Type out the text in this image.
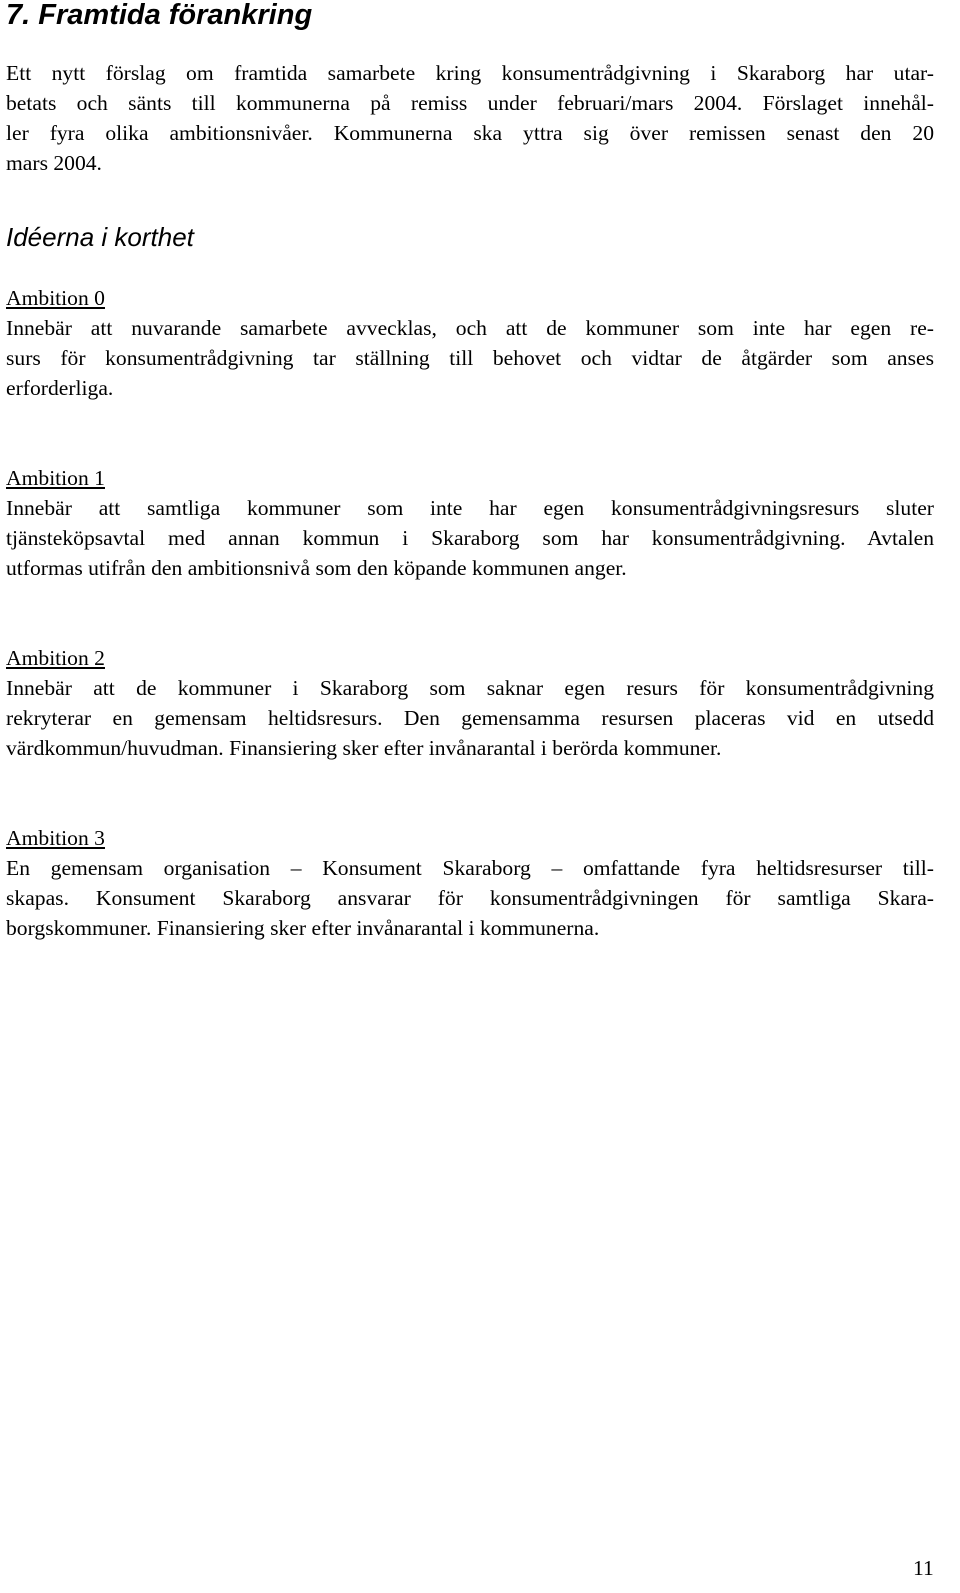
7. Framtida förankring
Ett nytt förslag om framtida samarbete kring konsumentrådgivning i Skaraborg har utar-
betats och sänts till kommunerna på remiss under februari/mars 2004. Förslaget innehål-
ler fyra olika ambitionsnivåer. Kommunerna ska yttra sig över remissen senast den 20
mars 2004.
Idéerna i korthet
Ambition 0
Innebär att nuvarande samarbete avvecklas, och att de kommuner som inte har egen re-
surs för konsumentrådgivning tar ställning till behovet och vidtar de åtgärder som anses
erforderliga.
Ambition 1
Innebär att samtliga kommuner som inte har egen konsumentrådgivningsresurs sluter
tjänsteköpsavtal med annan kommun i Skaraborg som har konsumentrådgivning. Avtalen
utformas utifrån den ambitionsnivå som den köpande kommunen anger.
Ambition 2
Innebär att de kommuner i Skaraborg som saknar egen resurs för konsumentrådgivning
rekryterar en gemensam heltidsresurs. Den gemensamma resursen placeras vid en utsedd
värdkommun/huvudman. Finansiering sker efter invånarantal i berörda kommuner.
Ambition 3
En gemensam organisation – Konsument Skaraborg – omfattande fyra heltidsresurser till-
skapas. Konsument Skaraborg ansvarar för konsumentrådgivningen för samtliga Skara-
borgskommuner. Finansiering sker efter invånarantal i kommunerna.
11
